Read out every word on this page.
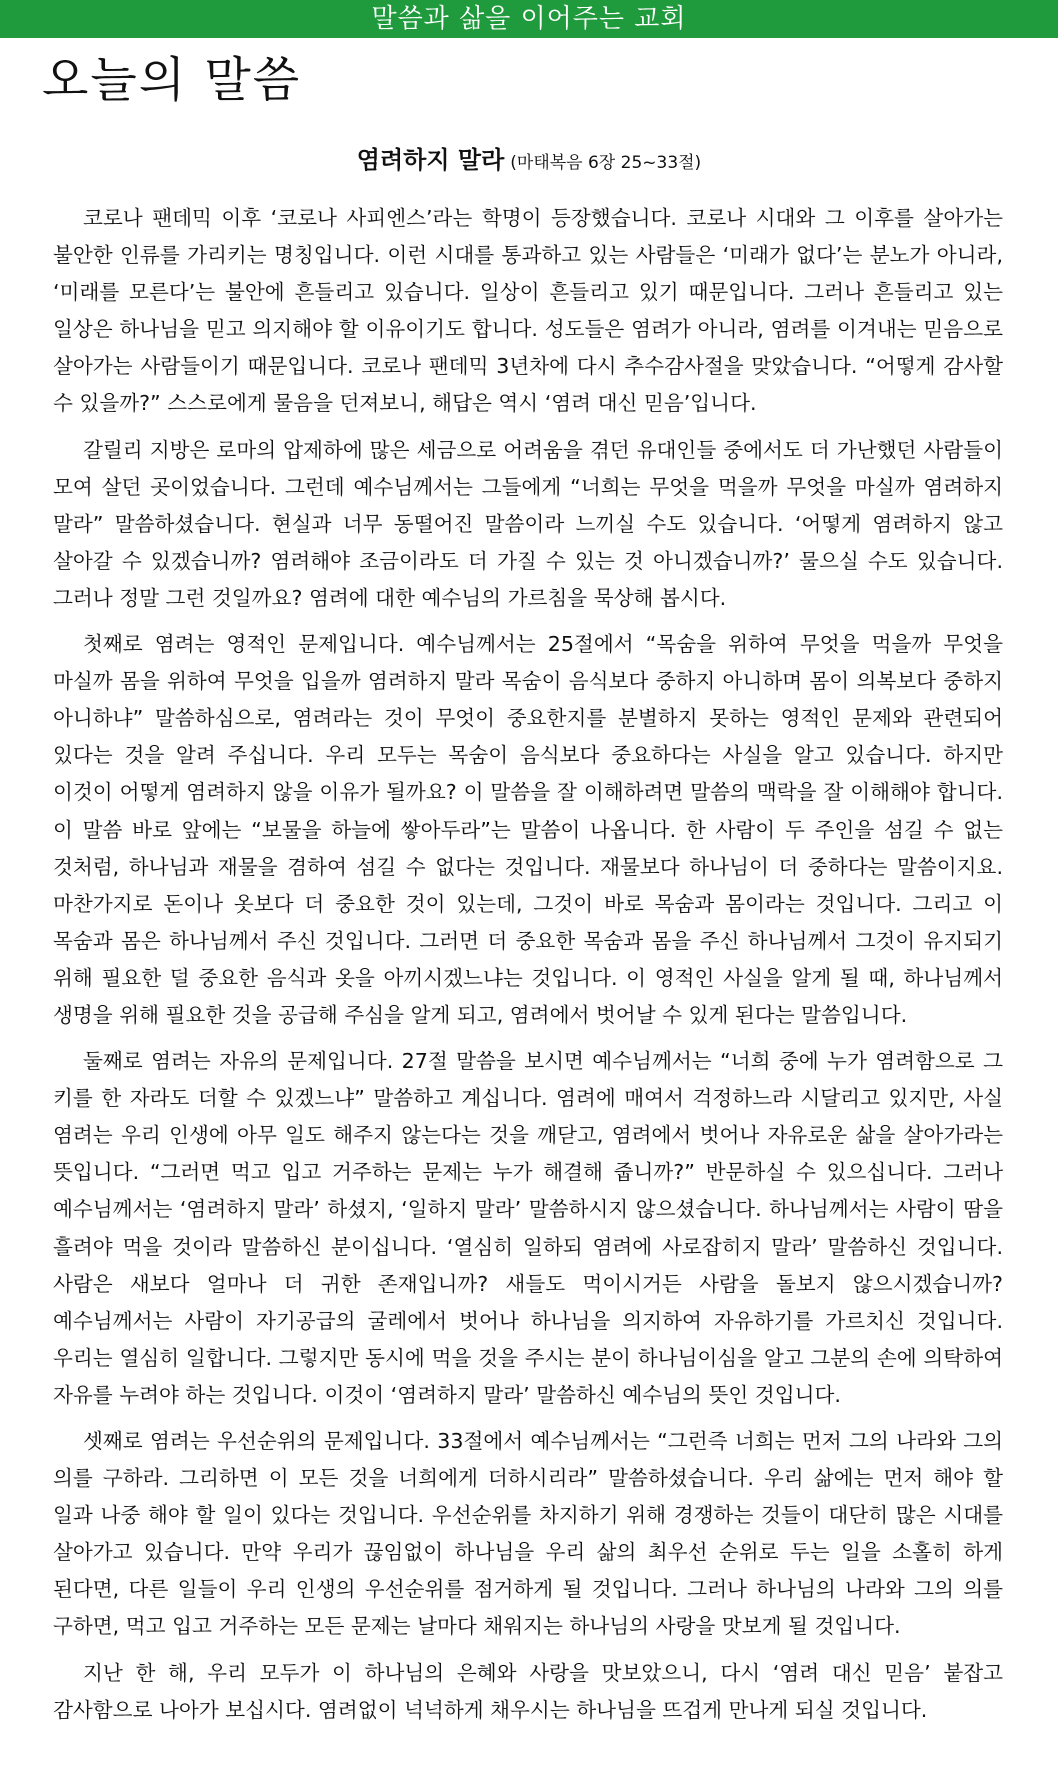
말씀과 삶을 이어주는 교회
오늘의 말씀
염려하지 말라 (마태복음 6장 25~33절)

코로나 팬데믹 이후 ‘코로나 사피엔스’라는 학명이 등장했습니다. 코로나 시대와 그 이후를 살아가는 불안한 인류를 가리키는 명칭입니다. 이런 시대를 통과하고 있는 사람들은 ‘미래가 없다’는 분노가 아니라, ‘미래를 모른다’는 불안에 흔들리고 있습니다. 일상이 흔들리고 있기 때문입니다. 그러나 흔들리고 있는 일상은 하나님을 믿고 의지해야 할 이유이기도 합니다. 성도들은 염려가 아니라, 염려를 이겨내는 믿음으로 살아가는 사람들이기 때문입니다. 코로나 팬데믹 3년차에 다시 추수감사절을 맞았습니다. “어떻게 감사할 수 있을까?” 스스로에게 물음을 던져보니, 해답은 역시 ‘염려 대신 믿음’입니다.

갈릴리 지방은 로마의 압제하에 많은 세금으로 어려움을 겪던 유대인들 중에서도 더 가난했던 사람들이 모여 살던 곳이었습니다. 그런데 예수님께서는 그들에게 “너희는 무엇을 먹을까 무엇을 마실까 염려하지 말라” 말씀하셨습니다. 현실과 너무 동떨어진 말씀이라 느끼실 수도 있습니다. ‘어떻게 염려하지 않고 살아갈 수 있겠습니까? 염려해야 조금이라도 더 가질 수 있는 것 아니겠습니까?’ 물으실 수도 있습니다. 그러나 정말 그런 것일까요? 염려에 대한 예수님의 가르침을 묵상해 봅시다.

첫째로 염려는 영적인 문제입니다. 예수님께서는 25절에서 “목숨을 위하여 무엇을 먹을까 무엇을 마실까 몸을 위하여 무엇을 입을까 염려하지 말라 목숨이 음식보다 중하지 아니하며 몸이 의복보다 중하지 아니하냐” 말씀하심으로, 염려라는 것이 무엇이 중요한지를 분별하지 못하는 영적인 문제와 관련되어 있다는 것을 알려 주십니다. 우리 모두는 목숨이 음식보다 중요하다는 사실을 알고 있습니다. 하지만 이것이 어떻게 염려하지 않을 이유가 될까요? 이 말씀을 잘 이해하려면 말씀의 맥락을 잘 이해해야 합니다. 이 말씀 바로 앞에는 “보물을 하늘에 쌓아두라”는 말씀이 나옵니다. 한 사람이 두 주인을 섬길 수 없는 것처럼, 하나님과 재물을 겸하여 섬길 수 없다는 것입니다. 재물보다 하나님이 더 중하다는 말씀이지요. 마찬가지로 돈이나 옷보다 더 중요한 것이 있는데, 그것이 바로 목숨과 몸이라는 것입니다. 그리고 이 목숨과 몸은 하나님께서 주신 것입니다. 그러면 더 중요한 목숨과 몸을 주신 하나님께서 그것이 유지되기 위해 필요한 덜 중요한 음식과 옷을 아끼시겠느냐는 것입니다. 이 영적인 사실을 알게 될 때, 하나님께서 생명을 위해 필요한 것을 공급해 주심을 알게 되고, 염려에서 벗어날 수 있게 된다는 말씀입니다.

둘째로 염려는 자유의 문제입니다. 27절 말씀을 보시면 예수님께서는 “너희 중에 누가 염려함으로 그 키를 한 자라도 더할 수 있겠느냐” 말씀하고 계십니다. 염려에 매여서 걱정하느라 시달리고 있지만, 사실 염려는 우리 인생에 아무 일도 해주지 않는다는 것을 깨닫고, 염려에서 벗어나 자유로운 삶을 살아가라는 뜻입니다. “그러면 먹고 입고 거주하는 문제는 누가 해결해 줍니까?” 반문하실 수 있으십니다. 그러나 예수님께서는 ‘염려하지 말라’ 하셨지, ‘일하지 말라’ 말씀하시지 않으셨습니다. 하나님께서는 사람이 땀을 흘려야 먹을 것이라 말씀하신 분이십니다. ‘열심히 일하되 염려에 사로잡히지 말라’ 말씀하신 것입니다. 사람은 새보다 얼마나 더 귀한 존재입니까? 새들도 먹이시거든 사람을 돌보지 않으시겠습니까? 예수님께서는 사람이 자기공급의 굴레에서 벗어나 하나님을 의지하여 자유하기를 가르치신 것입니다. 우리는 열심히 일합니다. 그렇지만 동시에 먹을 것을 주시는 분이 하나님이심을 알고 그분의 손에 의탁하여 자유를 누려야 하는 것입니다. 이것이 ‘염려하지 말라’ 말씀하신 예수님의 뜻인 것입니다.

셋째로 염려는 우선순위의 문제입니다. 33절에서 예수님께서는 “그런즉 너희는 먼저 그의 나라와 그의 의를 구하라. 그리하면 이 모든 것을 너희에게 더하시리라” 말씀하셨습니다. 우리 삶에는 먼저 해야 할 일과 나중 해야 할 일이 있다는 것입니다. 우선순위를 차지하기 위해 경쟁하는 것들이 대단히 많은 시대를 살아가고 있습니다. 만약 우리가 끊임없이 하나님을 우리 삶의 최우선 순위로 두는 일을 소홀히 하게 된다면, 다른 일들이 우리 인생의 우선순위를 점거하게 될 것입니다. 그러나 하나님의 나라와 그의 의를 구하면, 먹고 입고 거주하는 모든 문제는 날마다 채워지는 하나님의 사랑을 맛보게 될 것입니다.

지난 한 해, 우리 모두가 이 하나님의 은혜와 사랑을 맛보았으니, 다시 ‘염려 대신 믿음’ 붙잡고 감사함으로 나아가 보십시다. 염려없이 넉넉하게 채우시는 하나님을 뜨겁게 만나게 되실 것입니다.
